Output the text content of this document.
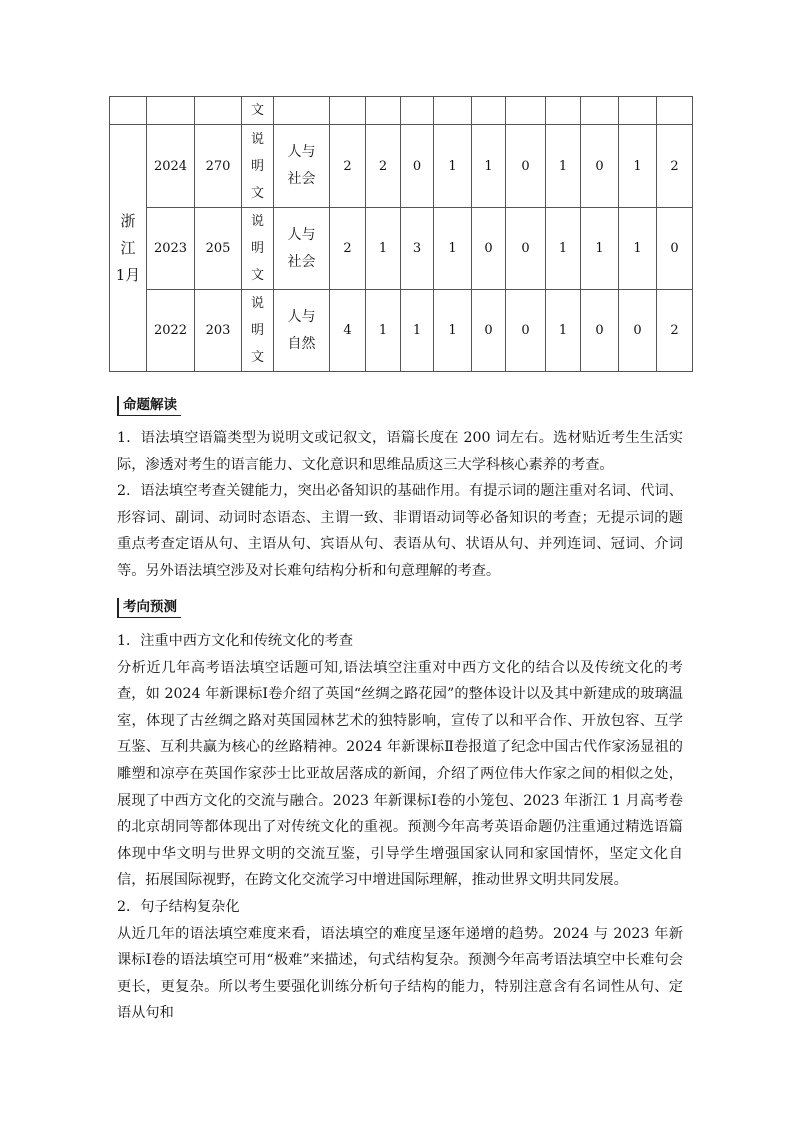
			文											

浙
江
1月	2024	270	说
明
文	人与
社会	2	2	0	1	1	0	1	0	1	2
	2023	205	说
明
文	人与
社会	2	1	3	1	0	0	1	1	1	0
	2022	203	说
明
文	人与
自然	4	1	1	1	0	0	1	0	0	2
命题解读

1．语法填空语篇类型为说明文或记叙文，语篇长度在 200 词左右。选材贴近考生生活实际，渗透对考生的语言能力、文化意识和思维品质这三大学科核心素养的考查。

2．语法填空考查关键能力，突出必备知识的基础作用。有提示词的题注重对名词、代词、形容词、副词、动词时态语态、主谓一致、非谓语动词等必备知识的考查；无提示词的题重点考查定语从句、主语从句、宾语从句、表语从句、状语从句、并列连词、冠词、介词等。另外语法填空涉及对长难句结构分析和句意理解的考查。

考向预测

1．注重中西方文化和传统文化的考查

分析近几年高考语法填空话题可知,语法填空注重对中西方文化的结合以及传统文化的考查，如 2024 年新课标Ⅰ卷介绍了英国“丝绸之路花园”的整体设计以及其中新建成的玻璃温室，体现了古丝绸之路对英国园林艺术的独特影响，宣传了以和平合作、开放包容、互学互鉴、互利共赢为核心的丝路精神。2024 年新课标Ⅱ卷报道了纪念中国古代作家汤显祖的雕塑和凉亭在英国作家莎士比亚故居落成的新闻，介绍了两位伟大作家之间的相似之处，展现了中西方文化的交流与融合。2023 年新课标Ⅰ卷的小笼包、2023 年浙江 1 月高考卷的北京胡同等都体现出了对传统文化的重视。预测今年高考英语命题仍注重通过精选语篇体现中华文明与世界文明的交流互鉴，引导学生增强国家认同和家国情怀，坚定文化自信，拓展国际视野，在跨文化交流学习中增进国际理解，推动世界文明共同发展。

2．句子结构复杂化

从近几年的语法填空难度来看，语法填空的难度呈逐年递增的趋势。2024 与 2023 年新课标Ⅰ卷的语法填空可用“极难”来描述，句式结构复杂。预测今年高考语法填空中长难句会更长，更复杂。所以考生要强化训练分析句子结构的能力，特别注意含有名词性从句、定语从句和
